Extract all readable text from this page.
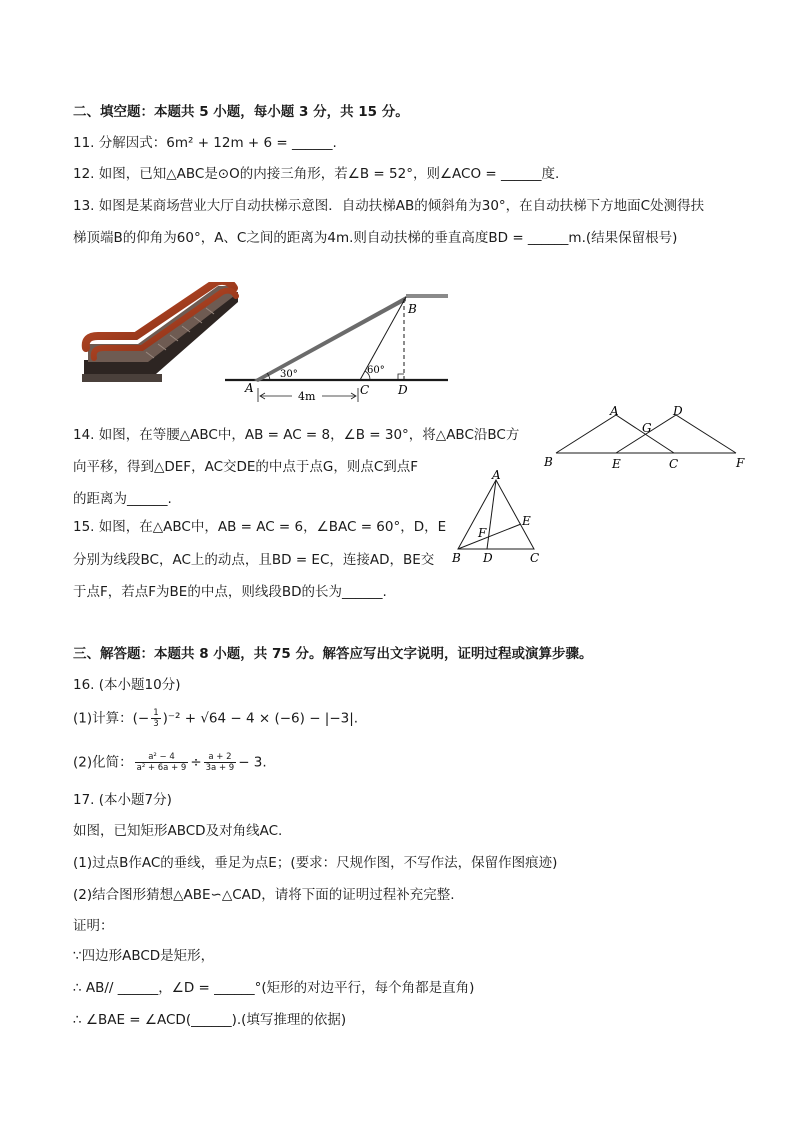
二、填空题：本题共 5 小题，每小题 3 分，共 15 分。
11. 分解因式：6m² + 12m + 6 = ______.
12. 如图，已知△ABC是⊙O的内接三角形，若∠B = 52°，则∠ACO = ______度.
13. 如图是某商场营业大厅自动扶梯示意图．自动扶梯AB的倾斜角为30°，在自动扶梯下方地面C处测得扶
梯顶端B的仰角为60°，A、C之间的距离为4m.则自动扶梯的垂直高度BD = ______m.(结果保留根号)
30°	60°
A	C D
B
4m
14. 如图，在等腰△ABC中，AB = AC = 8，∠B = 30°，将△ABC沿BC方
向平移，得到△DEF，AC交DE的中点于点G，则点C到点F
的距离为______.
A	D
G
B	E	C	F
15. 如图，在△ABC中，AB = AC = 6，∠BAC = 60°，D，E
分别为线段BC，AC上的动点，且BD = EC，连接AD，BE交
于点F，若点F为BE的中点，则线段BD的长为______.
A
E
F
B D	C
三、解答题：本题共 8 小题，共 75 分。解答应写出文字说明，证明过程或演算步骤。
16. (本小题10分)
(1)计算：(− $\frac{1}{3} )^{-2} + √64 - 4 \times (-6) - |-3|$.
(2)化简： $\frac{\text{a² − 4}}{\text{a² + 6a + 9}} \div \frac{a + 2}{3a + 9} - 3$.
17. (本小题7分)
如图，已知矩形ABCD及对角线AC.
(1)过点B作AC的垂线，垂足为点E；(要求：尺规作图，不写作法，保留作图痕迹)
(2)结合图形猜想△ABE∽△CAD，请将下面的证明过程补充完整.
证明：
∵四边形ABCD是矩形，
∴ AB// ______，∠D = ______°(矩形的对边平行，每个角都是直角)
∴ ∠BAE = ∠ACD(______).(填写推理的依据)
